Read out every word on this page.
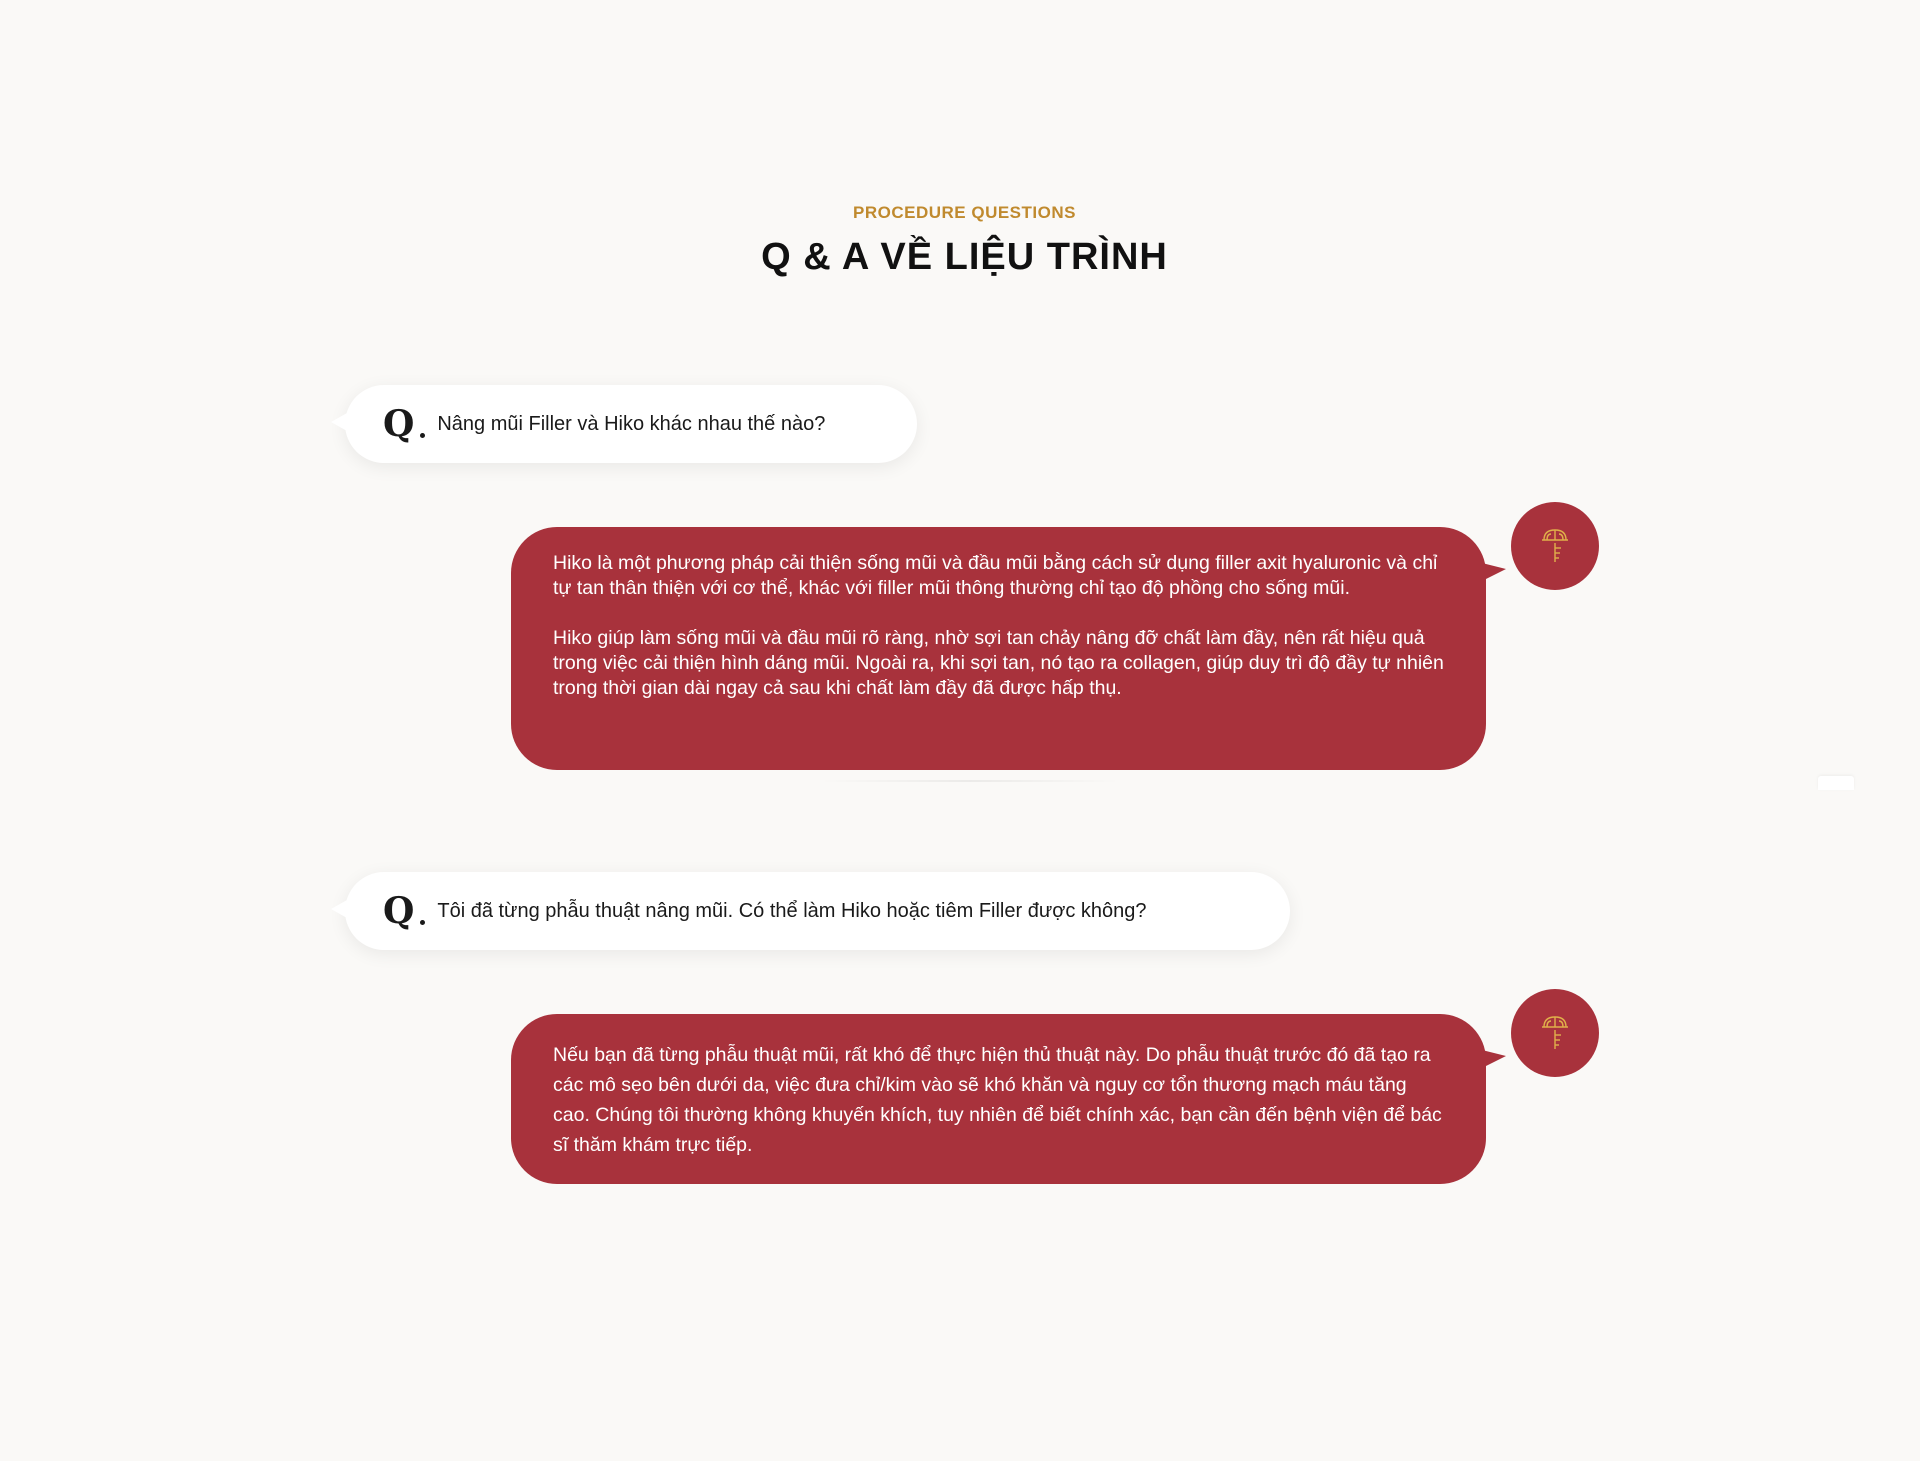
PROCEDURE QUESTIONS
Q & A VỀ LIỆU TRÌNH
Q Nâng mũi Filler và Hiko khác nhau thế nào?

Hiko là một phương pháp cải thiện sống mũi và đầu mũi bằng cách sử dụng filler axit hyaluronic và chỉ tự tan thân thiện với cơ thể, khác với filler mũi thông thường chỉ tạo độ phồng cho sống mũi.

Hiko giúp làm sống mũi và đầu mũi rõ ràng, nhờ sợi tan chảy nâng đỡ chất làm đầy, nên rất hiệu quả trong việc cải thiện hình dáng mũi. Ngoài ra, khi sợi tan, nó tạo ra collagen, giúp duy trì độ đầy tự nhiên trong thời gian dài ngay cả sau khi chất làm đầy đã được hấp thụ.

Q Tôi đã từng phẫu thuật nâng mũi. Có thể làm Hiko hoặc tiêm Filler được không?

Nếu bạn đã từng phẫu thuật mũi, rất khó để thực hiện thủ thuật này. Do phẫu thuật trước đó đã tạo ra các mô sẹo bên dưới da, việc đưa chỉ/kim vào sẽ khó khăn và nguy cơ tổn thương mạch máu tăng cao. Chúng tôi thường không khuyến khích, tuy nhiên để biết chính xác, bạn cần đến bệnh viện để bác sĩ thăm khám trực tiếp.
